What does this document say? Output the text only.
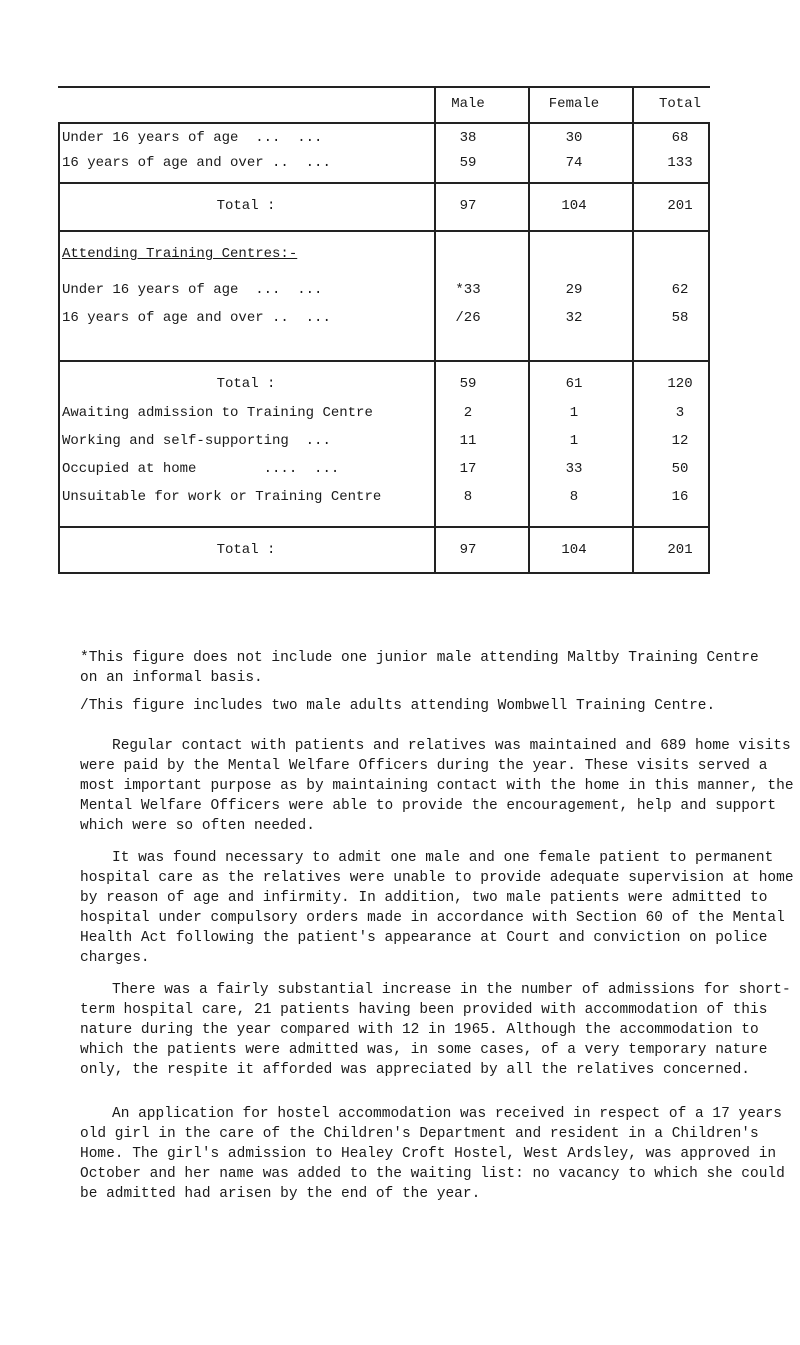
Male	Female	Total
Under 16 years of age  ...  ...	38	30	68
16 years of age and over ..  ...	59	74	133
Total :	97	104	201
Attending Training Centres:-
Under 16 years of age  ...  ...	*33	29	62
16 years of age and over ..  ...	/26	32	58
Total :	59	61	120
Awaiting admission to Training Centre	2	1	3
Working and self-supporting  ...	11	1	12
Occupied at home        ....  ...	17	33	50
Unsuitable for work or Training Centre	8	8	16
Total :	97	104	201

*This figure does not include one junior male attending Maltby Training Centre on an informal basis.

/This figure includes two male adults attending Wombwell Training Centre.

Regular contact with patients and relatives was maintained and 689 home visits were paid by the Mental Welfare Officers during the year. These visits served a most important purpose as by maintaining contact with the home in this manner, the Mental Welfare Officers were able to provide the encouragement, help and support which were so often needed.

It was found necessary to admit one male and one female patient to permanent hospital care as the relatives were unable to provide adequate supervision at home by reason of age and infirmity. In addition, two male patients were admitted to hospital under compulsory orders made in accordance with Section 60 of the Mental Health Act following the patient's appearance at Court and conviction on police charges.

There was a fairly substantial increase in the number of admissions for short-term hospital care, 21 patients having been provided with accommodation of this nature during the year compared with 12 in 1965. Although the accommodation to which the patients were admitted was, in some cases, of a very temporary nature only, the respite it afforded was appreciated by all the relatives concerned.

An application for hostel accommodation was received in respect of a 17 years old girl in the care of the Children's Department and resident in a Children's Home. The girl's admission to Healey Croft Hostel, West Ardsley, was approved in October and her name was added to the waiting list: no vacancy to which she could be admitted had arisen by the end of the year.
